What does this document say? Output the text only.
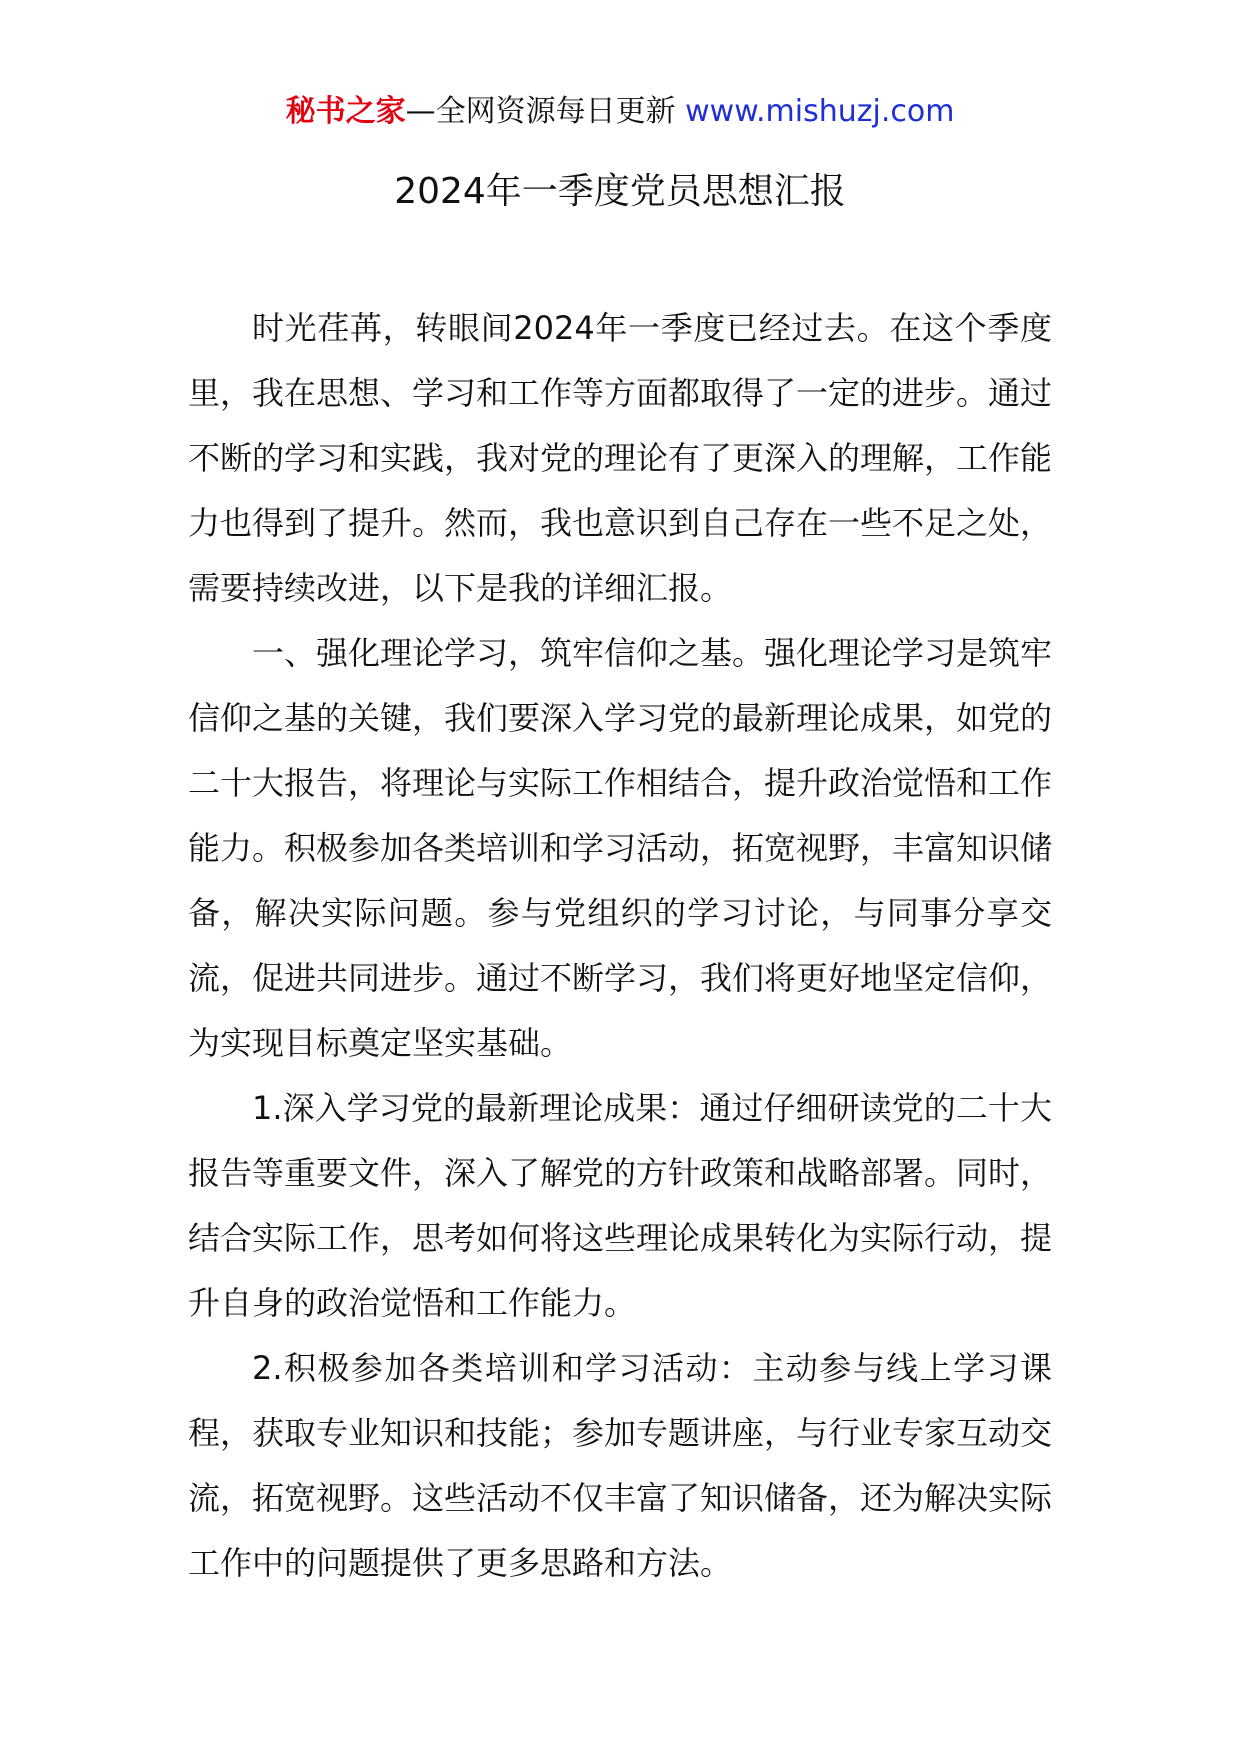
秘书之家—全网资源每日更新 www.mishuzj.com
2024年一季度党员思想汇报

时光荏苒，转眼间2024年一季度已经过去。在这个季度里，我在思想、学习和工作等方面都取得了一定的进步。通过不断的学习和实践，我对党的理论有了更深入的理解，工作能力也得到了提升。然而，我也意识到自己存在一些不足之处，需要持续改进，以下是我的详细汇报。

一、强化理论学习，筑牢信仰之基。强化理论学习是筑牢信仰之基的关键，我们要深入学习党的最新理论成果，如党的二十大报告，将理论与实际工作相结合，提升政治觉悟和工作能力。积极参加各类培训和学习活动，拓宽视野，丰富知识储备，解决实际问题。参与党组织的学习讨论，与同事分享交流，促进共同进步。通过不断学习，我们将更好地坚定信仰，为实现目标奠定坚实基础。

1.深入学习党的最新理论成果：通过仔细研读党的二十大报告等重要文件，深入了解党的方针政策和战略部署。同时，结合实际工作，思考如何将这些理论成果转化为实际行动，提升自身的政治觉悟和工作能力。

2.积极参加各类培训和学习活动：主动参与线上学习课程，获取专业知识和技能；参加专题讲座，与行业专家互动交流，拓宽视野。这些活动不仅丰富了知识储备，还为解决实际工作中的问题提供了更多思路和方法。
